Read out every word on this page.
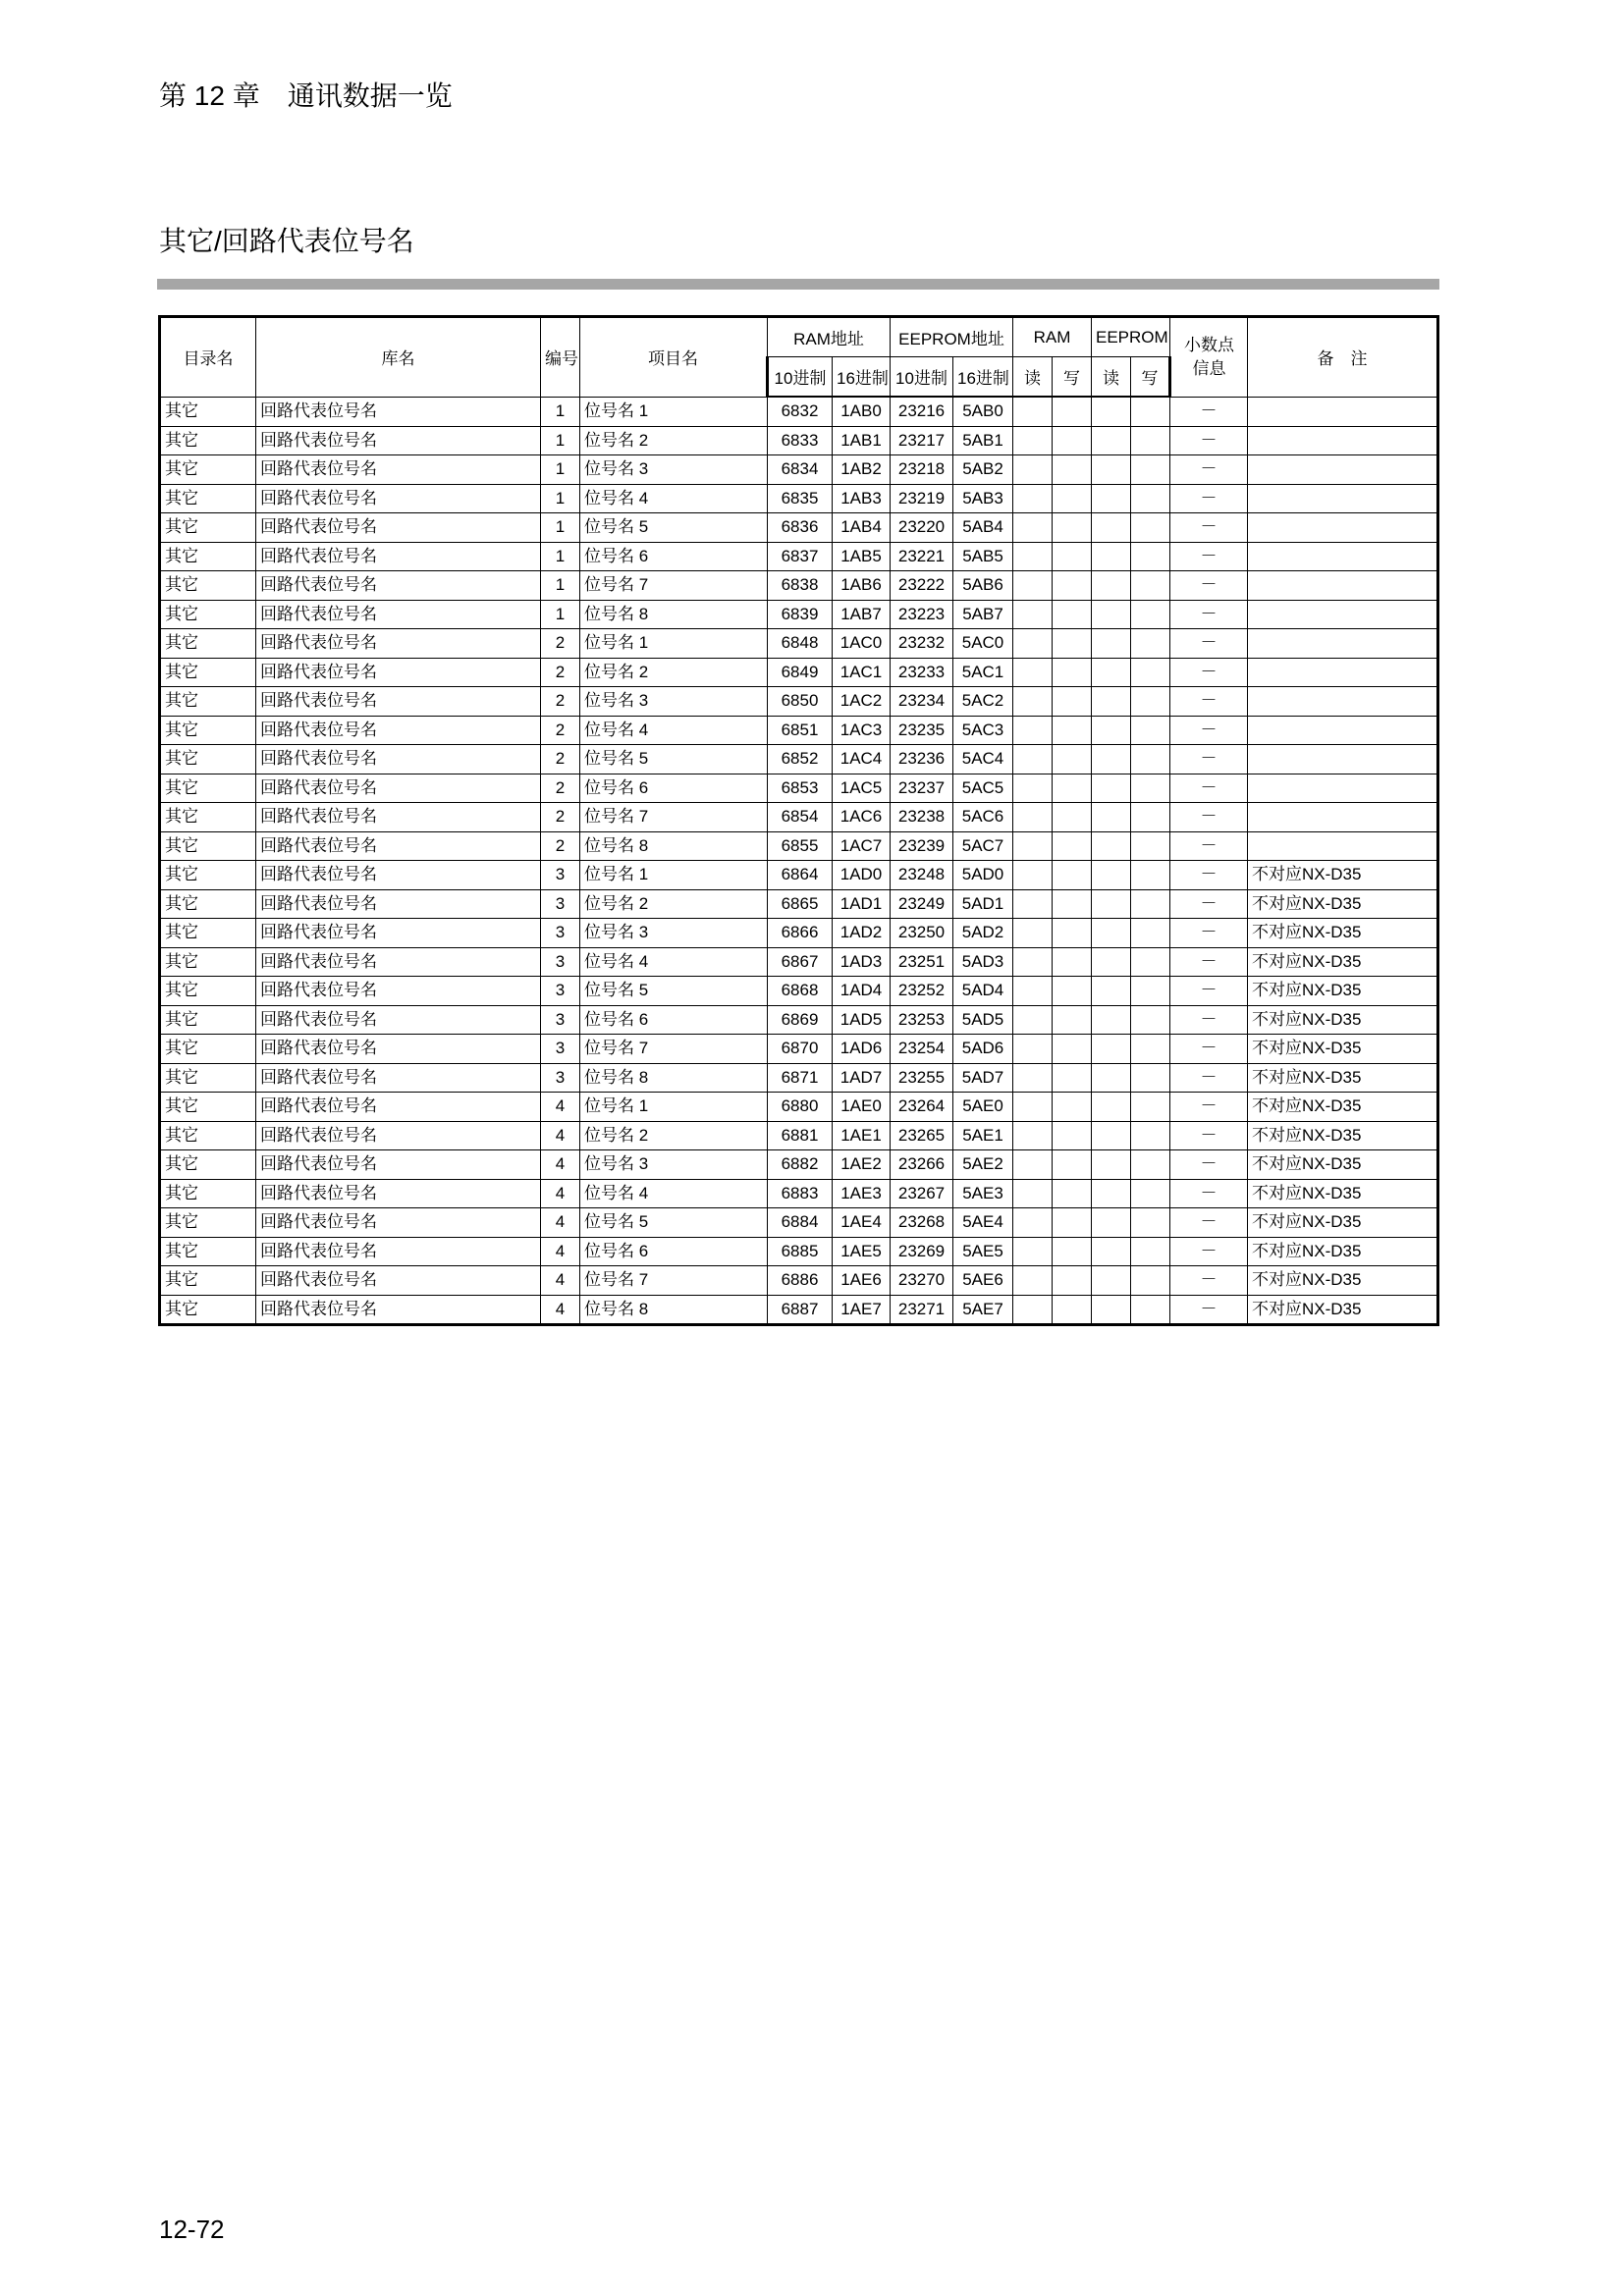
第 12 章　通讯数据一览
其它/回路代表位号名
目录名	库名	编号	项目名	RAM地址		EEPROM地址		RAM		EEPROM		小数点信息	备　注
				10进制	16进制	10进制	16进制	读	写	读	写		
其它	回路代表位号名	1	位号名 1	6832	1AB0	23216	5AB0					－	
其它	回路代表位号名	1	位号名 2	6833	1AB1	23217	5AB1					－	
其它	回路代表位号名	1	位号名 3	6834	1AB2	23218	5AB2					－	
其它	回路代表位号名	1	位号名 4	6835	1AB3	23219	5AB3					－	
其它	回路代表位号名	1	位号名 5	6836	1AB4	23220	5AB4					－	
其它	回路代表位号名	1	位号名 6	6837	1AB5	23221	5AB5					－	
其它	回路代表位号名	1	位号名 7	6838	1AB6	23222	5AB6					－	
其它	回路代表位号名	1	位号名 8	6839	1AB7	23223	5AB7					－	
其它	回路代表位号名	2	位号名 1	6848	1AC0	23232	5AC0					－	
其它	回路代表位号名	2	位号名 2	6849	1AC1	23233	5AC1					－	
其它	回路代表位号名	2	位号名 3	6850	1AC2	23234	5AC2					－	
其它	回路代表位号名	2	位号名 4	6851	1AC3	23235	5AC3					－	
其它	回路代表位号名	2	位号名 5	6852	1AC4	23236	5AC4					－	
其它	回路代表位号名	2	位号名 6	6853	1AC5	23237	5AC5					－	
其它	回路代表位号名	2	位号名 7	6854	1AC6	23238	5AC6					－	
其它	回路代表位号名	2	位号名 8	6855	1AC7	23239	5AC7					－	
其它	回路代表位号名	3	位号名 1	6864	1AD0	23248	5AD0					－	不对应NX-D35
其它	回路代表位号名	3	位号名 2	6865	1AD1	23249	5AD1					－	不对应NX-D35
其它	回路代表位号名	3	位号名 3	6866	1AD2	23250	5AD2					－	不对应NX-D35
其它	回路代表位号名	3	位号名 4	6867	1AD3	23251	5AD3					－	不对应NX-D35
其它	回路代表位号名	3	位号名 5	6868	1AD4	23252	5AD4					－	不对应NX-D35
其它	回路代表位号名	3	位号名 6	6869	1AD5	23253	5AD5					－	不对应NX-D35
其它	回路代表位号名	3	位号名 7	6870	1AD6	23254	5AD6					－	不对应NX-D35
其它	回路代表位号名	3	位号名 8	6871	1AD7	23255	5AD7					－	不对应NX-D35
其它	回路代表位号名	4	位号名 1	6880	1AE0	23264	5AE0					－	不对应NX-D35
其它	回路代表位号名	4	位号名 2	6881	1AE1	23265	5AE1					－	不对应NX-D35
其它	回路代表位号名	4	位号名 3	6882	1AE2	23266	5AE2					－	不对应NX-D35
其它	回路代表位号名	4	位号名 4	6883	1AE3	23267	5AE3					－	不对应NX-D35
其它	回路代表位号名	4	位号名 5	6884	1AE4	23268	5AE4					－	不对应NX-D35
其它	回路代表位号名	4	位号名 6	6885	1AE5	23269	5AE5					－	不对应NX-D35
其它	回路代表位号名	4	位号名 7	6886	1AE6	23270	5AE6					－	不对应NX-D35
其它	回路代表位号名	4	位号名 8	6887	1AE7	23271	5AE7					－	不对应NX-D35
12-72
